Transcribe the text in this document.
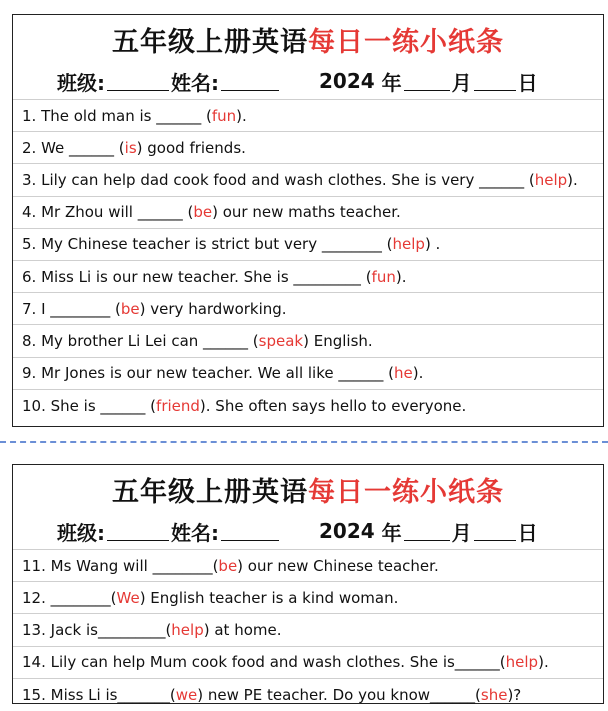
五年级上册英语 每日一练小纸条
班级:	姓名:	2024
年	月 日
1.
The old man is ______ ( fun ).
2.
We ______ ( is ) good friends.
3.
Lily can help dad cook food and wash clothes. She is very ______ ( help ).
4.
Mr Zhou will ______ ( be ) our new maths teacher.
5.
My Chinese teacher is strict but very ________ ( help ) .
6.
Miss Li is our new teacher. She is _________ ( fun ).
7.
I ________ ( be ) very hardworking.
8.
My brother Li Lei can ______ ( speak ) English.
9.
Mr Jones is our new teacher. We all like ______ ( he ).
10.
She is ______ ( friend ). She often says hello to everyone.
五年级上册英语 每日一练小纸条
班级:	姓名:	2024
年	月 日
11.
Ms Wang will ________( be ) our new Chinese teacher.
12.
________( We ) English teacher is a kind woman.
13.
Jack is_________( help ) at home.
14.
Lily can help Mum cook food and wash clothes. She is______( help ).
15.
Miss Li is_______( we ) new PE teacher. Do you know______( she )?
